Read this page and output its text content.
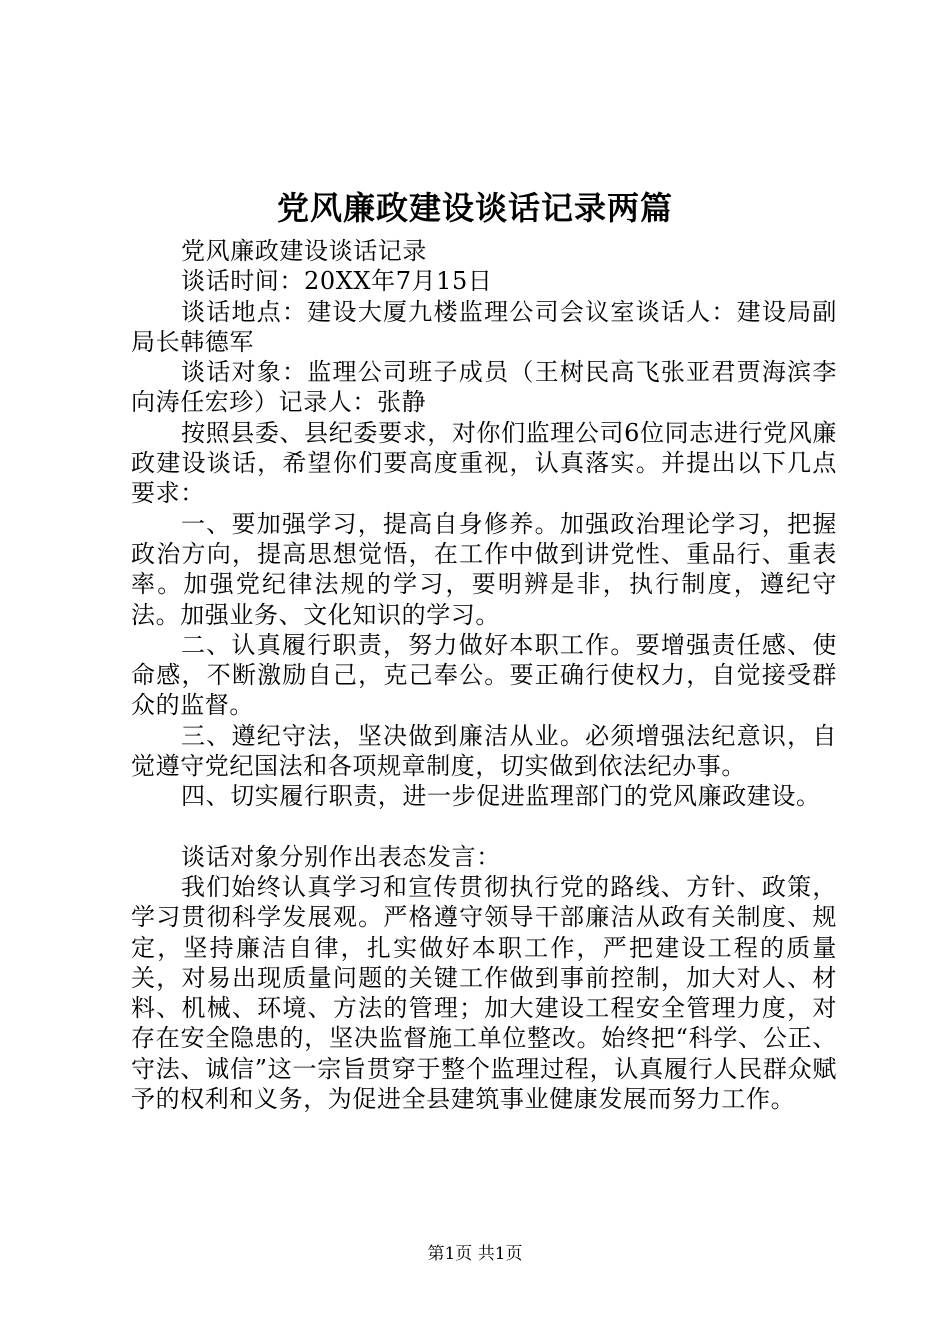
党风廉政建设谈话记录两篇

党风廉政建设谈话记录

谈话时间：20XX年7月15日

谈话地点：建设大厦九楼监理公司会议室谈话人：建设局副局长韩德军

谈话对象：监理公司班子成员（王树民高飞张亚君贾海滨李向涛任宏珍）记录人：张静

按照县委、县纪委要求，对你们监理公司6位同志进行党风廉政建设谈话，希望你们要高度重视，认真落实。并提出以下几点要求：

一、要加强学习，提高自身修养。加强政治理论学习，把握政治方向，提高思想觉悟，在工作中做到讲党性、重品行、重表率。加强党纪律法规的学习，要明辨是非，执行制度，遵纪守法。加强业务、文化知识的学习。

二、认真履行职责，努力做好本职工作。要增强责任感、使命感，不断激励自己，克己奉公。要正确行使权力，自觉接受群众的监督。

三、遵纪守法，坚决做到廉洁从业。必须增强法纪意识，自觉遵守党纪国法和各项规章制度，切实做到依法纪办事。

四、切实履行职责，进一步促进监理部门的党风廉政建设。

谈话对象分别作出表态发言：

我们始终认真学习和宣传贯彻执行党的路线、方针、政策，学习贯彻科学发展观。严格遵守领导干部廉洁从政有关制度、规定，坚持廉洁自律，扎实做好本职工作，严把建设工程的质量关，对易出现质量问题的关键工作做到事前控制，加大对人、材料、机械、环境、方法的管理；加大建设工程安全管理力度，对存在安全隐患的，坚决监督施工单位整改。始终把“科学、公正、守法、诚信”这一宗旨贯穿于整个监理过程，认真履行人民群众赋予的权利和义务，为促进全县建筑事业健康发展而努力工作。

第1页 共1页
